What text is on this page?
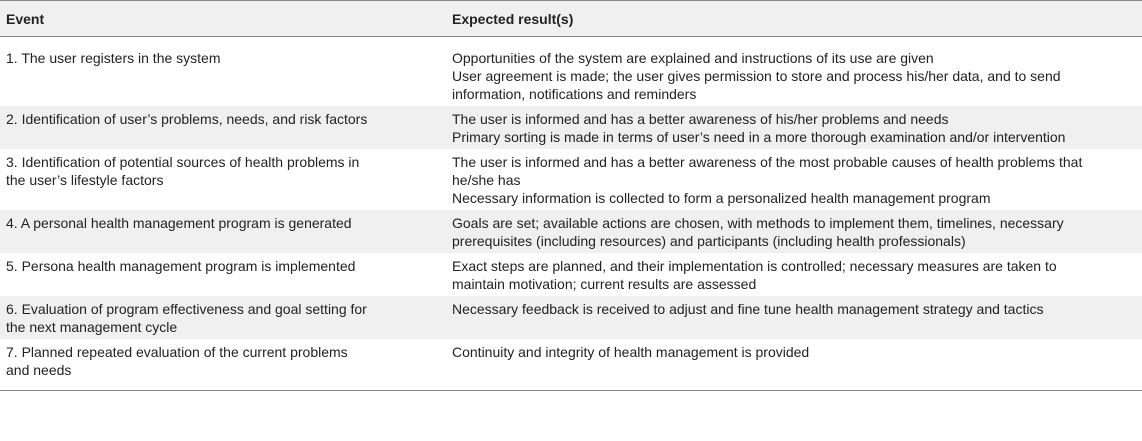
Event	Expected result(s)

1. The user registers in the system	Opportunities of the system are explained and instructions of its use are given
User agreement is made; the user gives permission to store and process his/her data, and to send
information, notifications and reminders

2. Identification of user’s problems, needs, and risk factors	The user is informed and has a better awareness of his/her problems and needs
Primary sorting is made in terms of user’s need in a more thorough examination and/or intervention

3. Identification of potential sources of health problems in
the user’s lifestyle factors	The user is informed and has a better awareness of the most probable causes of health problems that
he/she has
Necessary information is collected to form a personalized health management program

4. A personal health management program is generated	Goals are set; available actions are chosen, with methods to implement them, timelines, necessary
prerequisites (including resources) and participants (including health professionals)

5. Persona health management program is implemented	Exact steps are planned, and their implementation is controlled; necessary measures are taken to
maintain motivation; current results are assessed

6. Evaluation of program effectiveness and goal setting for
the next management cycle	Necessary feedback is received to adjust and fine tune health management strategy and tactics

7. Planned repeated evaluation of the current problems
and needs	Continuity and integrity of health management is provided
